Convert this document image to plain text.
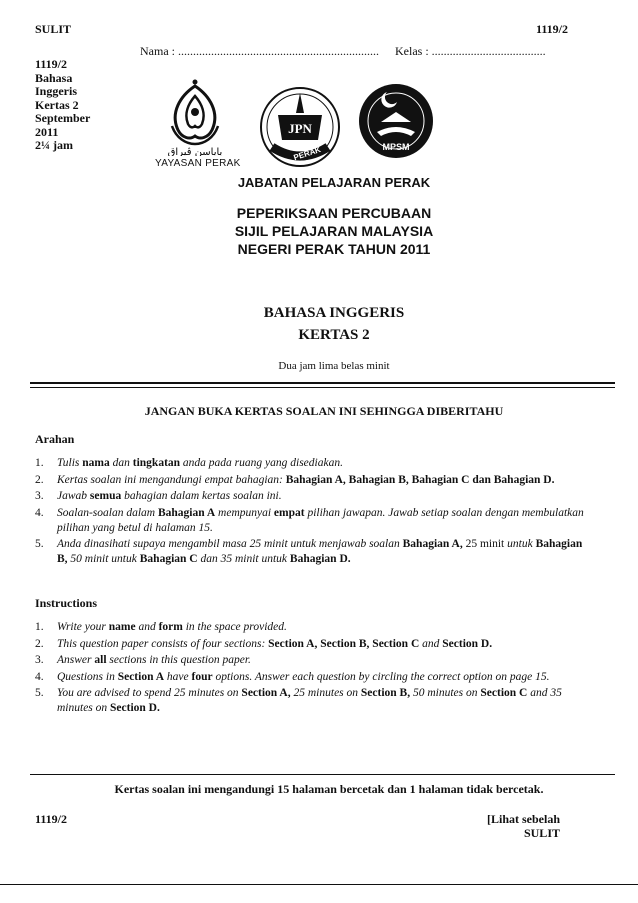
SULIT	1119/2
1119/2
Bahasa
Inggeris
Kertas 2
September
2011
2¼ jam
Nama : ................................................................... Kelas : ......................................
ياياسن ڤيراق
YAYASAN PERAK
JPN
PERAK	MPSM
JABATAN PELAJARAN PERAK
PEPERIKSAAN PERCUBAAN
SIJIL PELAJARAN MALAYSIA
NEGERI PERAK TAHUN 2011
BAHASA INGGERIS
KERTAS 2
Dua jam lima belas minit
JANGAN BUKA KERTAS SOALAN INI SEHINGGA DIBERITAHU
Arahan
1.	Tulis nama dan tingkatan anda pada ruang yang disediakan.
2.	Kertas soalan ini mengandungi empat bahagian: Bahagian A, Bahagian B, Bahagian C dan Bahagian D.
3.	Jawab semua bahagian dalam kertas soalan ini.
4.	Soalan-soalan dalam Bahagian A mempunyai empat pilihan jawapan. Jawab setiap soalan dengan membulatkan pilihan yang betul di halaman 15.
5.	Anda dinasihati supaya mengambil masa 25 minit untuk menjawab soalan Bahagian A, 25 minit untuk Bahagian B, 50 minit untuk Bahagian C dan 35 minit untuk Bahagian D.
Instructions
1.	Write your name and form in the space provided.
2.	This question paper consists of four sections: Section A, Section B, Section C and Section D.
3.	Answer all sections in this question paper.
4.	Questions in Section A have four options. Answer each question by circling the correct option on page 15.
5.	You are advised to spend 25 minutes on Section A, 25 minutes on Section B, 50 minutes on Section C and 35 minutes on Section D.
Kertas soalan ini mengandungi 15 halaman bercetak dan 1 halaman tidak bercetak.
1119/2	[Lihat sebelah
SULIT
